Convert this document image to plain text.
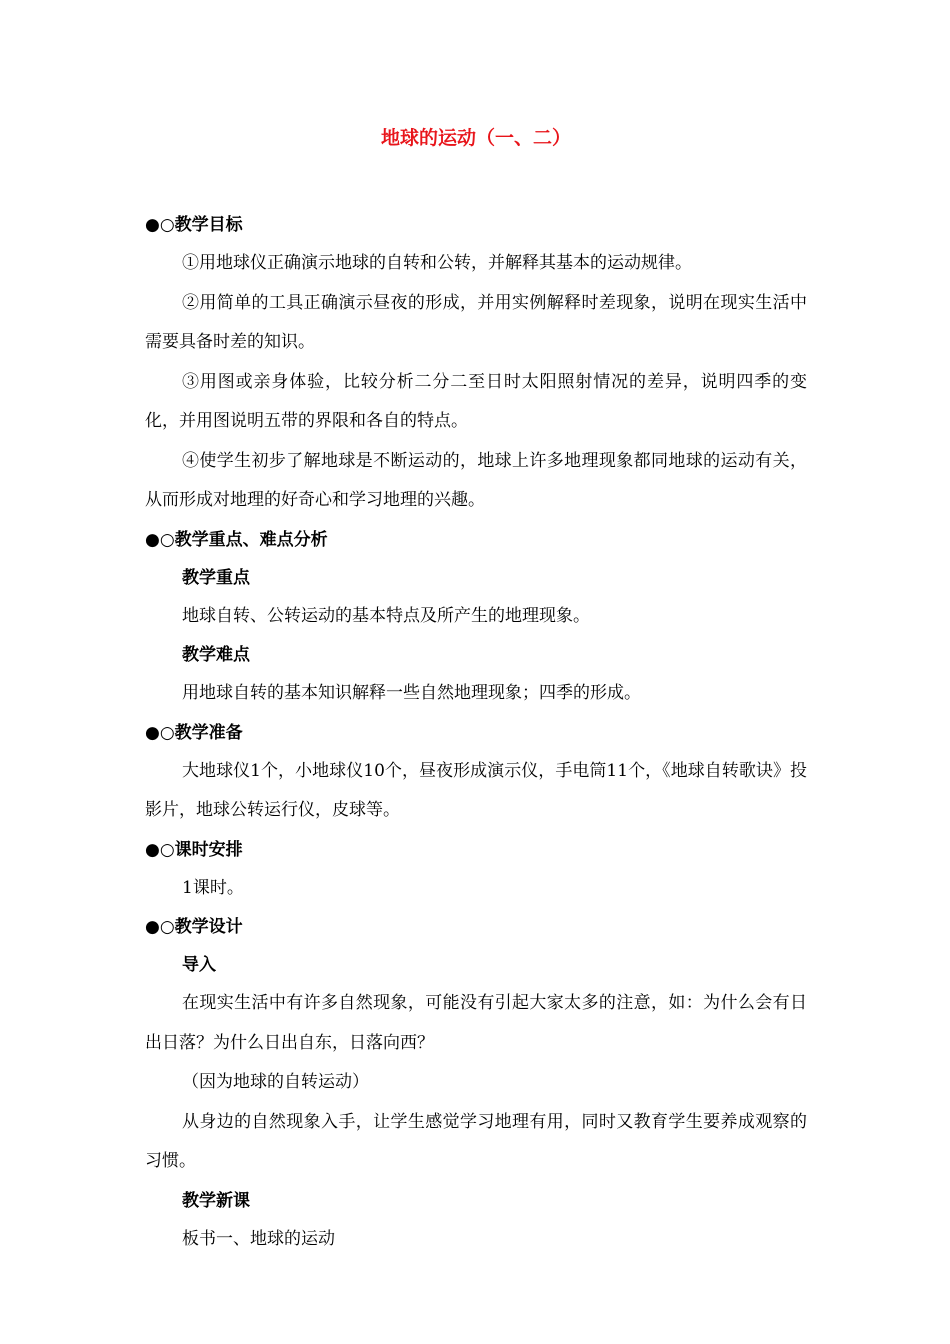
地球的运动（一、二）
●○教学目标

①用地球仪正确演示地球的自转和公转，并解释其基本的运动规律。

②用简单的工具正确演示昼夜的形成，并用实例解释时差现象，说明在现实生活中需要具备时差的知识。

③用图或亲身体验，比较分析二分二至日时太阳照射情况的差异，说明四季的变化，并用图说明五带的界限和各自的特点。

④使学生初步了解地球是不断运动的，地球上许多地理现象都同地球的运动有关，从而形成对地理的好奇心和学习地理的兴趣。

●○教学重点、难点分析
教学重点

地球自转、公转运动的基本特点及所产生的地理现象。

教学难点

用地球自转的基本知识解释一些自然地理现象；四季的形成。

●○教学准备

大地球仪1个，小地球仪10个，昼夜形成演示仪，手电筒11个，《地球自转歌诀》投影片，地球公转运行仪，皮球等。

●○课时安排

1课时。

●○教学设计
导入

在现实生活中有许多自然现象，可能没有引起大家太多的注意，如：为什么会有日出日落？为什么日出自东，日落向西？

（因为地球的自转运动）

从身边的自然现象入手，让学生感觉学习地理有用，同时又教育学生要养成观察的习惯。

教学新课

板书一、地球的运动
